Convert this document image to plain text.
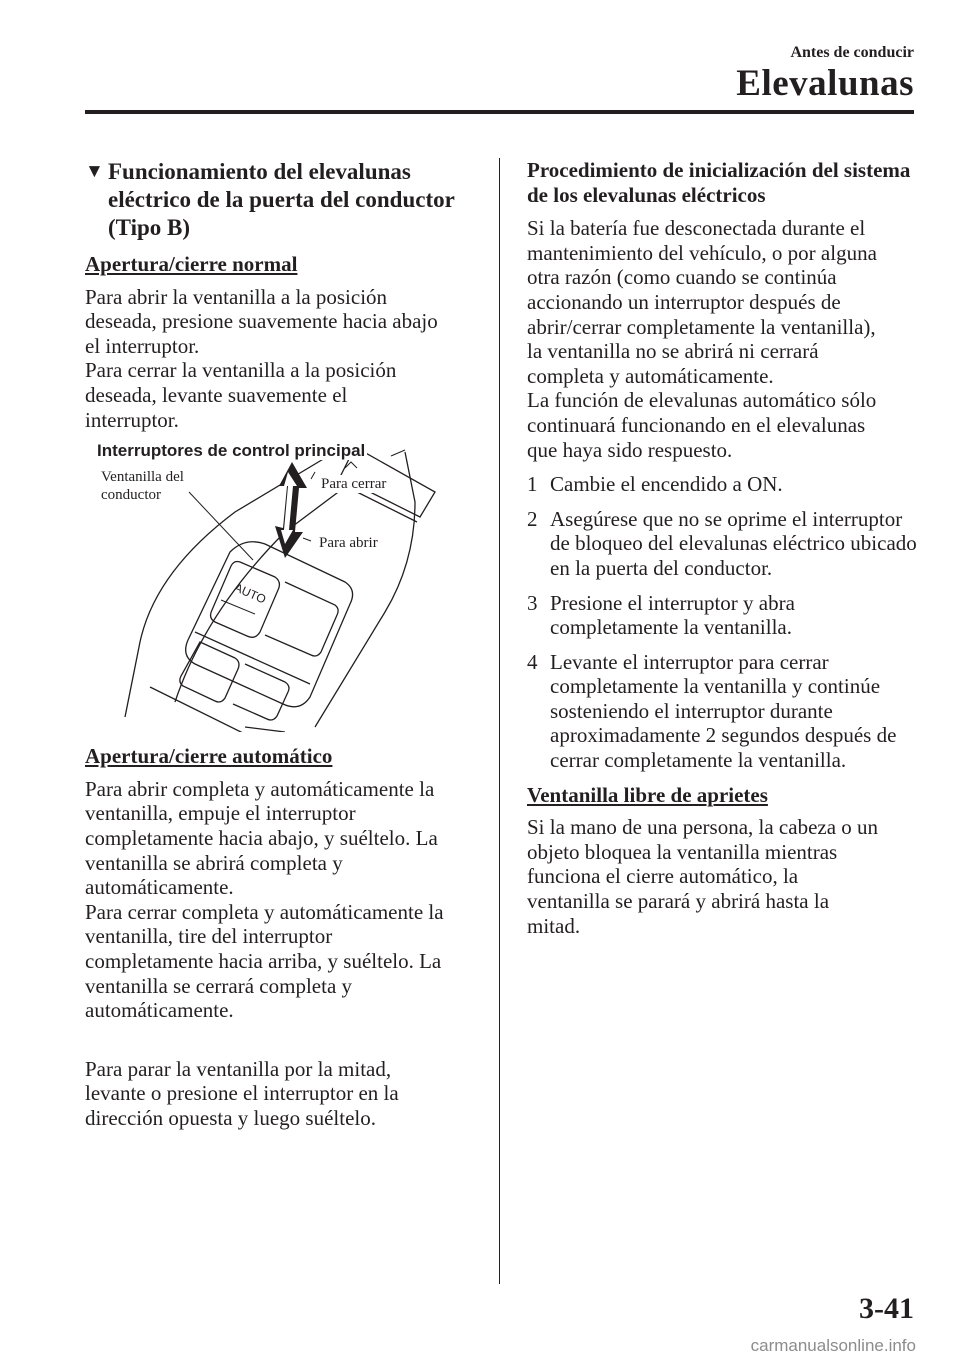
Antes de conducir
Elevalunas
▼ Funcionamiento del elevalunas eléctrico de la puerta del conductor (Tipo B)
Apertura/cierre normal
Para abrir la ventanilla a la posición
deseada, presione suavemente hacia abajo
el interruptor.
Para cerrar la ventanilla a la posición
deseada, levante suavemente el
interruptor.
AUTO
Interruptores de control principal
Ventanilla del
conductor
Para cerrar
Para abrir
Apertura/cierre automático
Para abrir completa y automáticamente la
ventanilla, empuje el interruptor
completamente hacia abajo, y suéltelo. La
ventanilla se abrirá completa y
automáticamente.
Para cerrar completa y automáticamente la
ventanilla, tire del interruptor
completamente hacia arriba, y suéltelo. La
ventanilla se cerrará completa y
automáticamente.
Para parar la ventanilla por la mitad,
levante o presione el interruptor en la
dirección opuesta y luego suéltelo.
Procedimiento de inicialización del sistema de los elevalunas eléctricos
Si la batería fue desconectada durante el
mantenimiento del vehículo, o por alguna
otra razón (como cuando se continúa
accionando un interruptor después de
abrir/cerrar completamente la ventanilla),
la ventanilla no se abrirá ni cerrará
completa y automáticamente.
La función de elevalunas automático sólo
continuará funcionando en el elevalunas
que haya sido respuesto.
1 Cambie el encendido a ON.
2 Asegúrese que no se oprime el interruptor de bloqueo del elevalunas eléctrico ubicado en la puerta del conductor.
3 Presione el interruptor y abra completamente la ventanilla.
4 Levante el interruptor para cerrar completamente la ventanilla y continúe sosteniendo el interruptor durante aproximadamente 2 segundos después de cerrar completamente la ventanilla.
Ventanilla libre de aprietes
Si la mano de una persona, la cabeza o un
objeto bloquea la ventanilla mientras
funciona el cierre automático, la
ventanilla se parará y abrirá hasta la
mitad.
3-41
carmanualsonline.info
